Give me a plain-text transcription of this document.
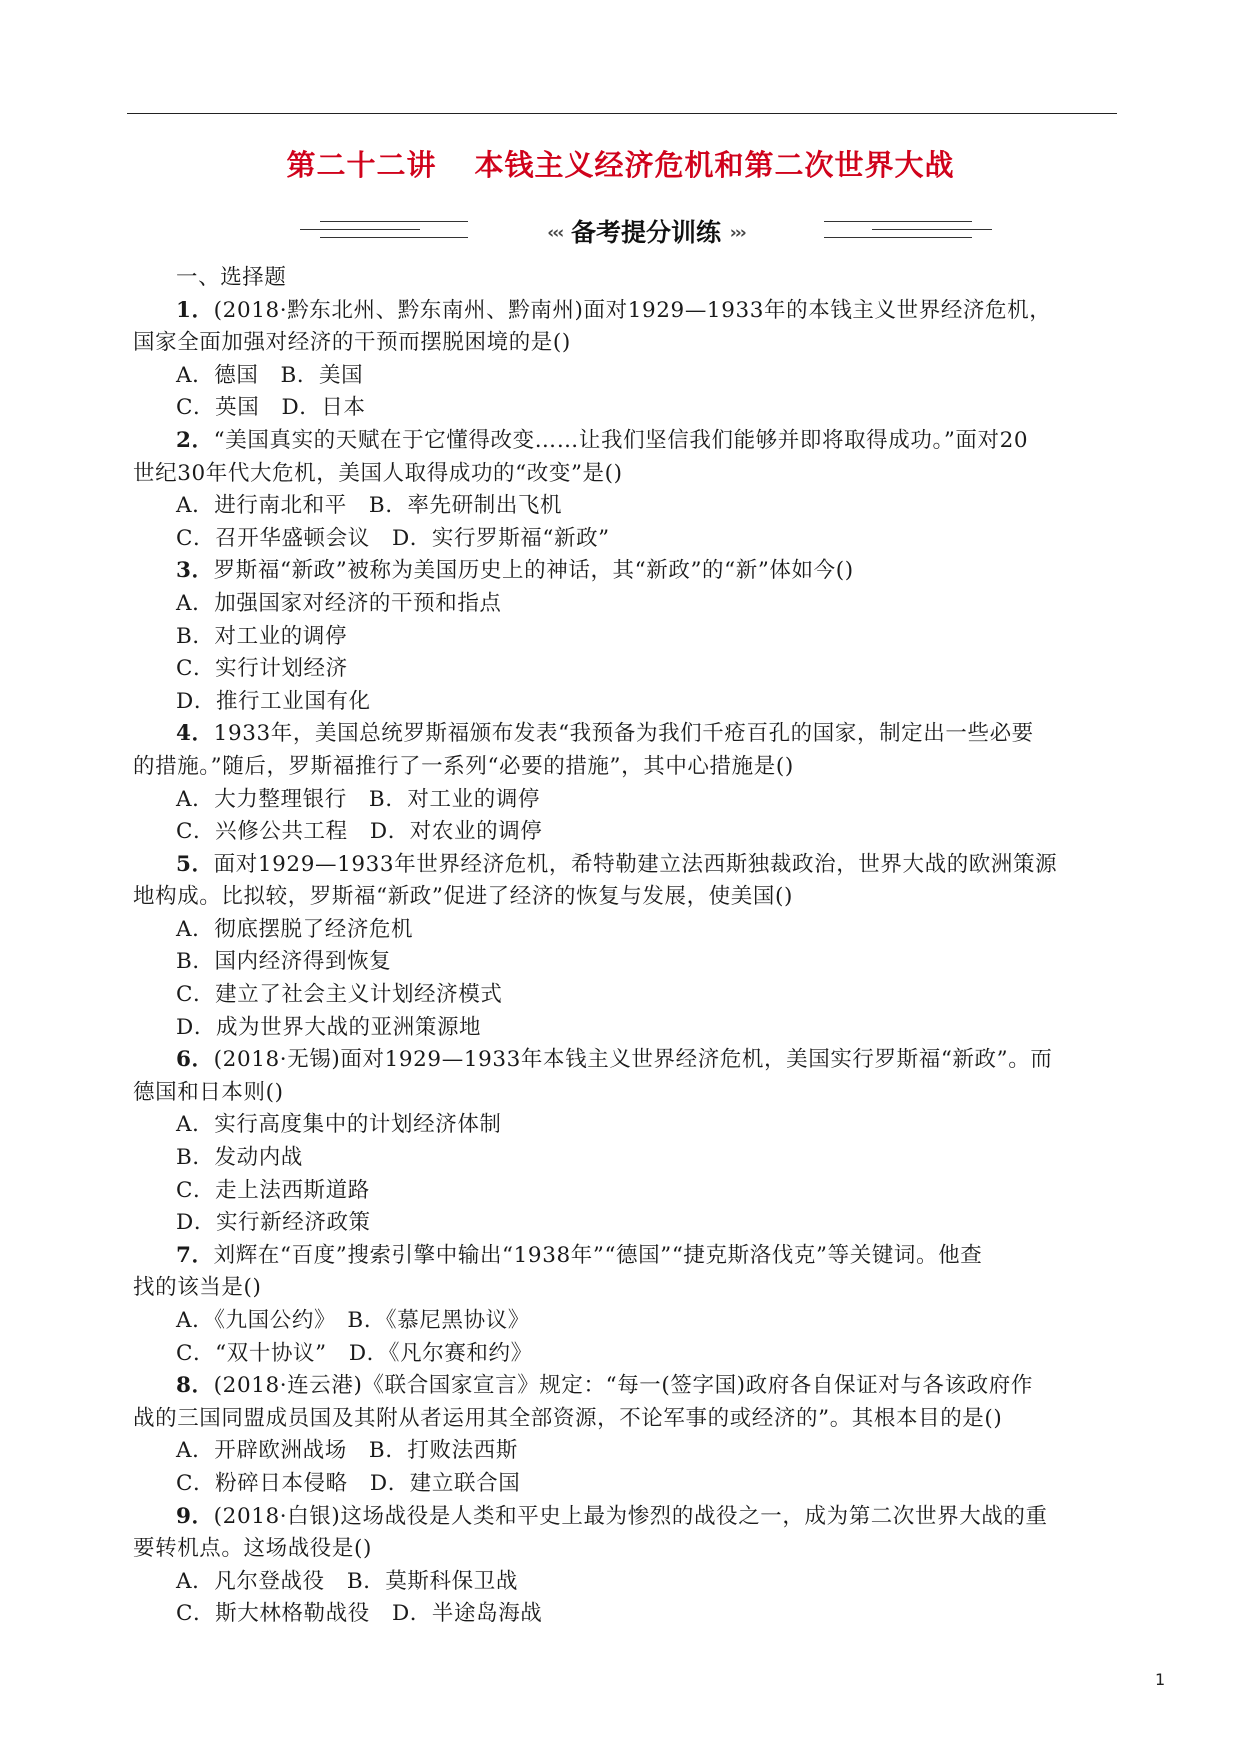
第二十二讲 本钱主义经济危机和第二次世界大战
‹‹‹ 备考提分训练 ›››

一、选择题

1．(2018·黔东北州、黔东南州、黔南州)面对1929—1933年的本钱主义世界经济危机，

国家全面加强对经济的干预而摆脱困境的是()

A．德国　B．美国

C．英国　D．日本

2．“美国真实的天赋在于它懂得改变……让我们坚信我们能够并即将取得成功。”面对20

世纪30年代大危机，美国人取得成功的“改变”是()

A．进行南北和平　B．率先研制出飞机

C．召开华盛顿会议　D．实行罗斯福“新政”

3．罗斯福“新政”被称为美国历史上的神话，其“新政”的“新”体如今()

A．加强国家对经济的干预和指点

B．对工业的调停

C．实行计划经济

D．推行工业国有化

4．1933年，美国总统罗斯福颁布发表“我预备为我们千疮百孔的国家，制定出一些必要

的措施。”随后，罗斯福推行了一系列“必要的措施”，其中心措施是()

A．大力整理银行　B．对工业的调停

C．兴修公共工程　D．对农业的调停

5．面对1929—1933年世界经济危机，希特勒建立法西斯独裁政治，世界大战的欧洲策源

地构成。比拟较，罗斯福“新政”促进了经济的恢复与发展，使美国()

A．彻底摆脱了经济危机

B．国内经济得到恢复

C．建立了社会主义计划经济模式

D．成为世界大战的亚洲策源地

6．(2018·无锡)面对1929—1933年本钱主义世界经济危机，美国实行罗斯福“新政”。而

德国和日本则()

A．实行高度集中的计划经济体制

B．发动内战

C．走上法西斯道路

D．实行新经济政策

7．刘辉在“百度”搜索引擎中输出“1938年”“德国”“捷克斯洛伐克”等关键词。他查

找的该当是()

A．《九国公约》　B．《慕尼黑协议》

C．“双十协议”　D．《凡尔赛和约》

8．(2018·连云港)《联合国家宣言》规定：“每一(签字国)政府各自保证对与各该政府作

战的三国同盟成员国及其附从者运用其全部资源，不论军事的或经济的”。其根本目的是()

A．开辟欧洲战场　B．打败法西斯

C．粉碎日本侵略　D．建立联合国

9．(2018·白银)这场战役是人类和平史上最为惨烈的战役之一，成为第二次世界大战的重

要转机点。这场战役是()

A．凡尔登战役　B．莫斯科保卫战

C．斯大林格勒战役　D．半途岛海战

1
